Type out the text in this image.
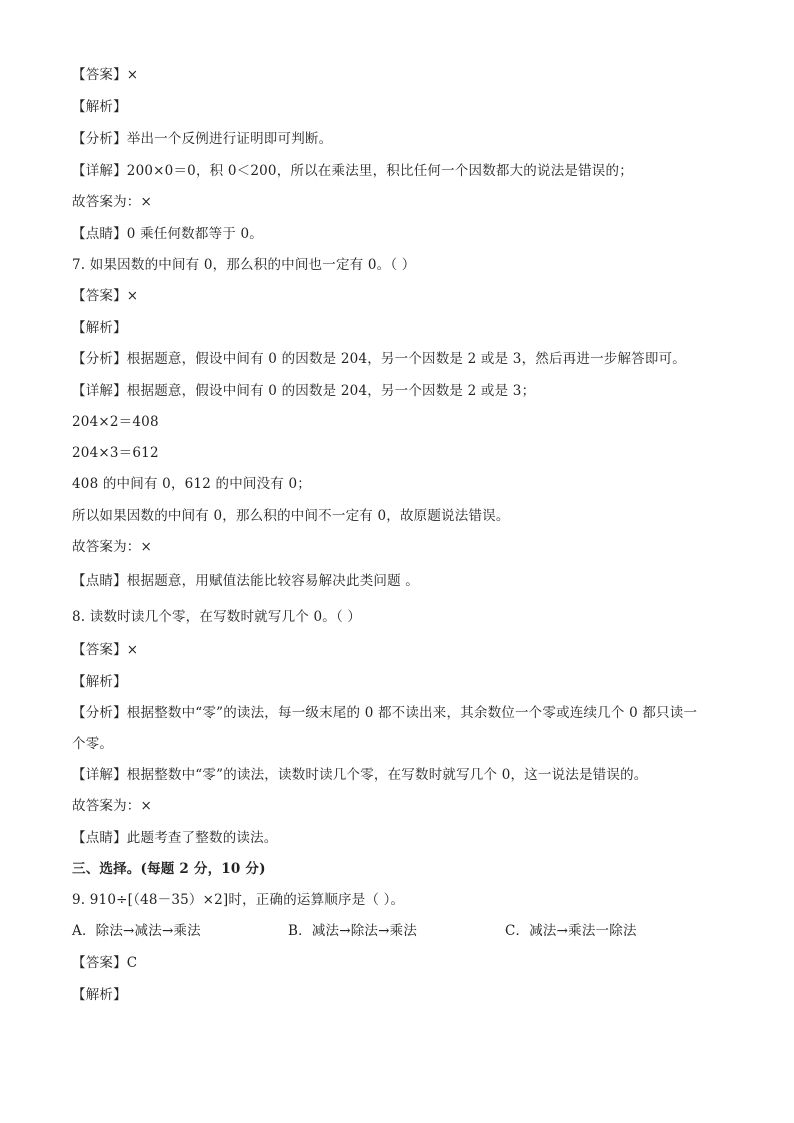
【答案】×
【解析】
【分析】举出一个反例进行证明即可判断。
【详解】200×0＝0，积 0＜200，所以在乘法里，积比任何一个因数都大的说法是错误的；
故答案为：×
【点睛】0 乘任何数都等于 0。
7. 如果因数的中间有 0，那么积的中间也一定有 0。（ ）
【答案】×
【解析】
【分析】根据题意，假设中间有 0 的因数是 204，另一个因数是 2 或是 3，然后再进一步解答即可。
【详解】根据题意，假设中间有 0 的因数是 204，另一个因数是 2 或是 3；
204×2＝408
204×3＝612
408 的中间有 0，612 的中间没有 0；
所以如果因数的中间有 0，那么积的中间不一定有 0，故原题说法错误。
故答案为：×
【点睛】根据题意，用赋值法能比较容易解决此类问题 。
8. 读数时读几个零，在写数时就写几个 0。（ ）
【答案】×
【解析】
【分析】根据整数中“零”的读法，每一级末尾的 0 都不读出来，其余数位一个零或连续几个 0 都只读一
个零。
【详解】根据整数中“零”的读法，读数时读几个零，在写数时就写几个 0，这一说法是错误的。
故答案为：×
【点睛】此题考查了整数的读法。
三、选择。(每题 2 分，10 分)
9. 910÷[（48－35）×2]时，正确的运算顺序是（ ）。
A．除法→减法→乘法	B．减法→除法→乘法	C．减法→乘法一除法
【答案】C
【解析】
